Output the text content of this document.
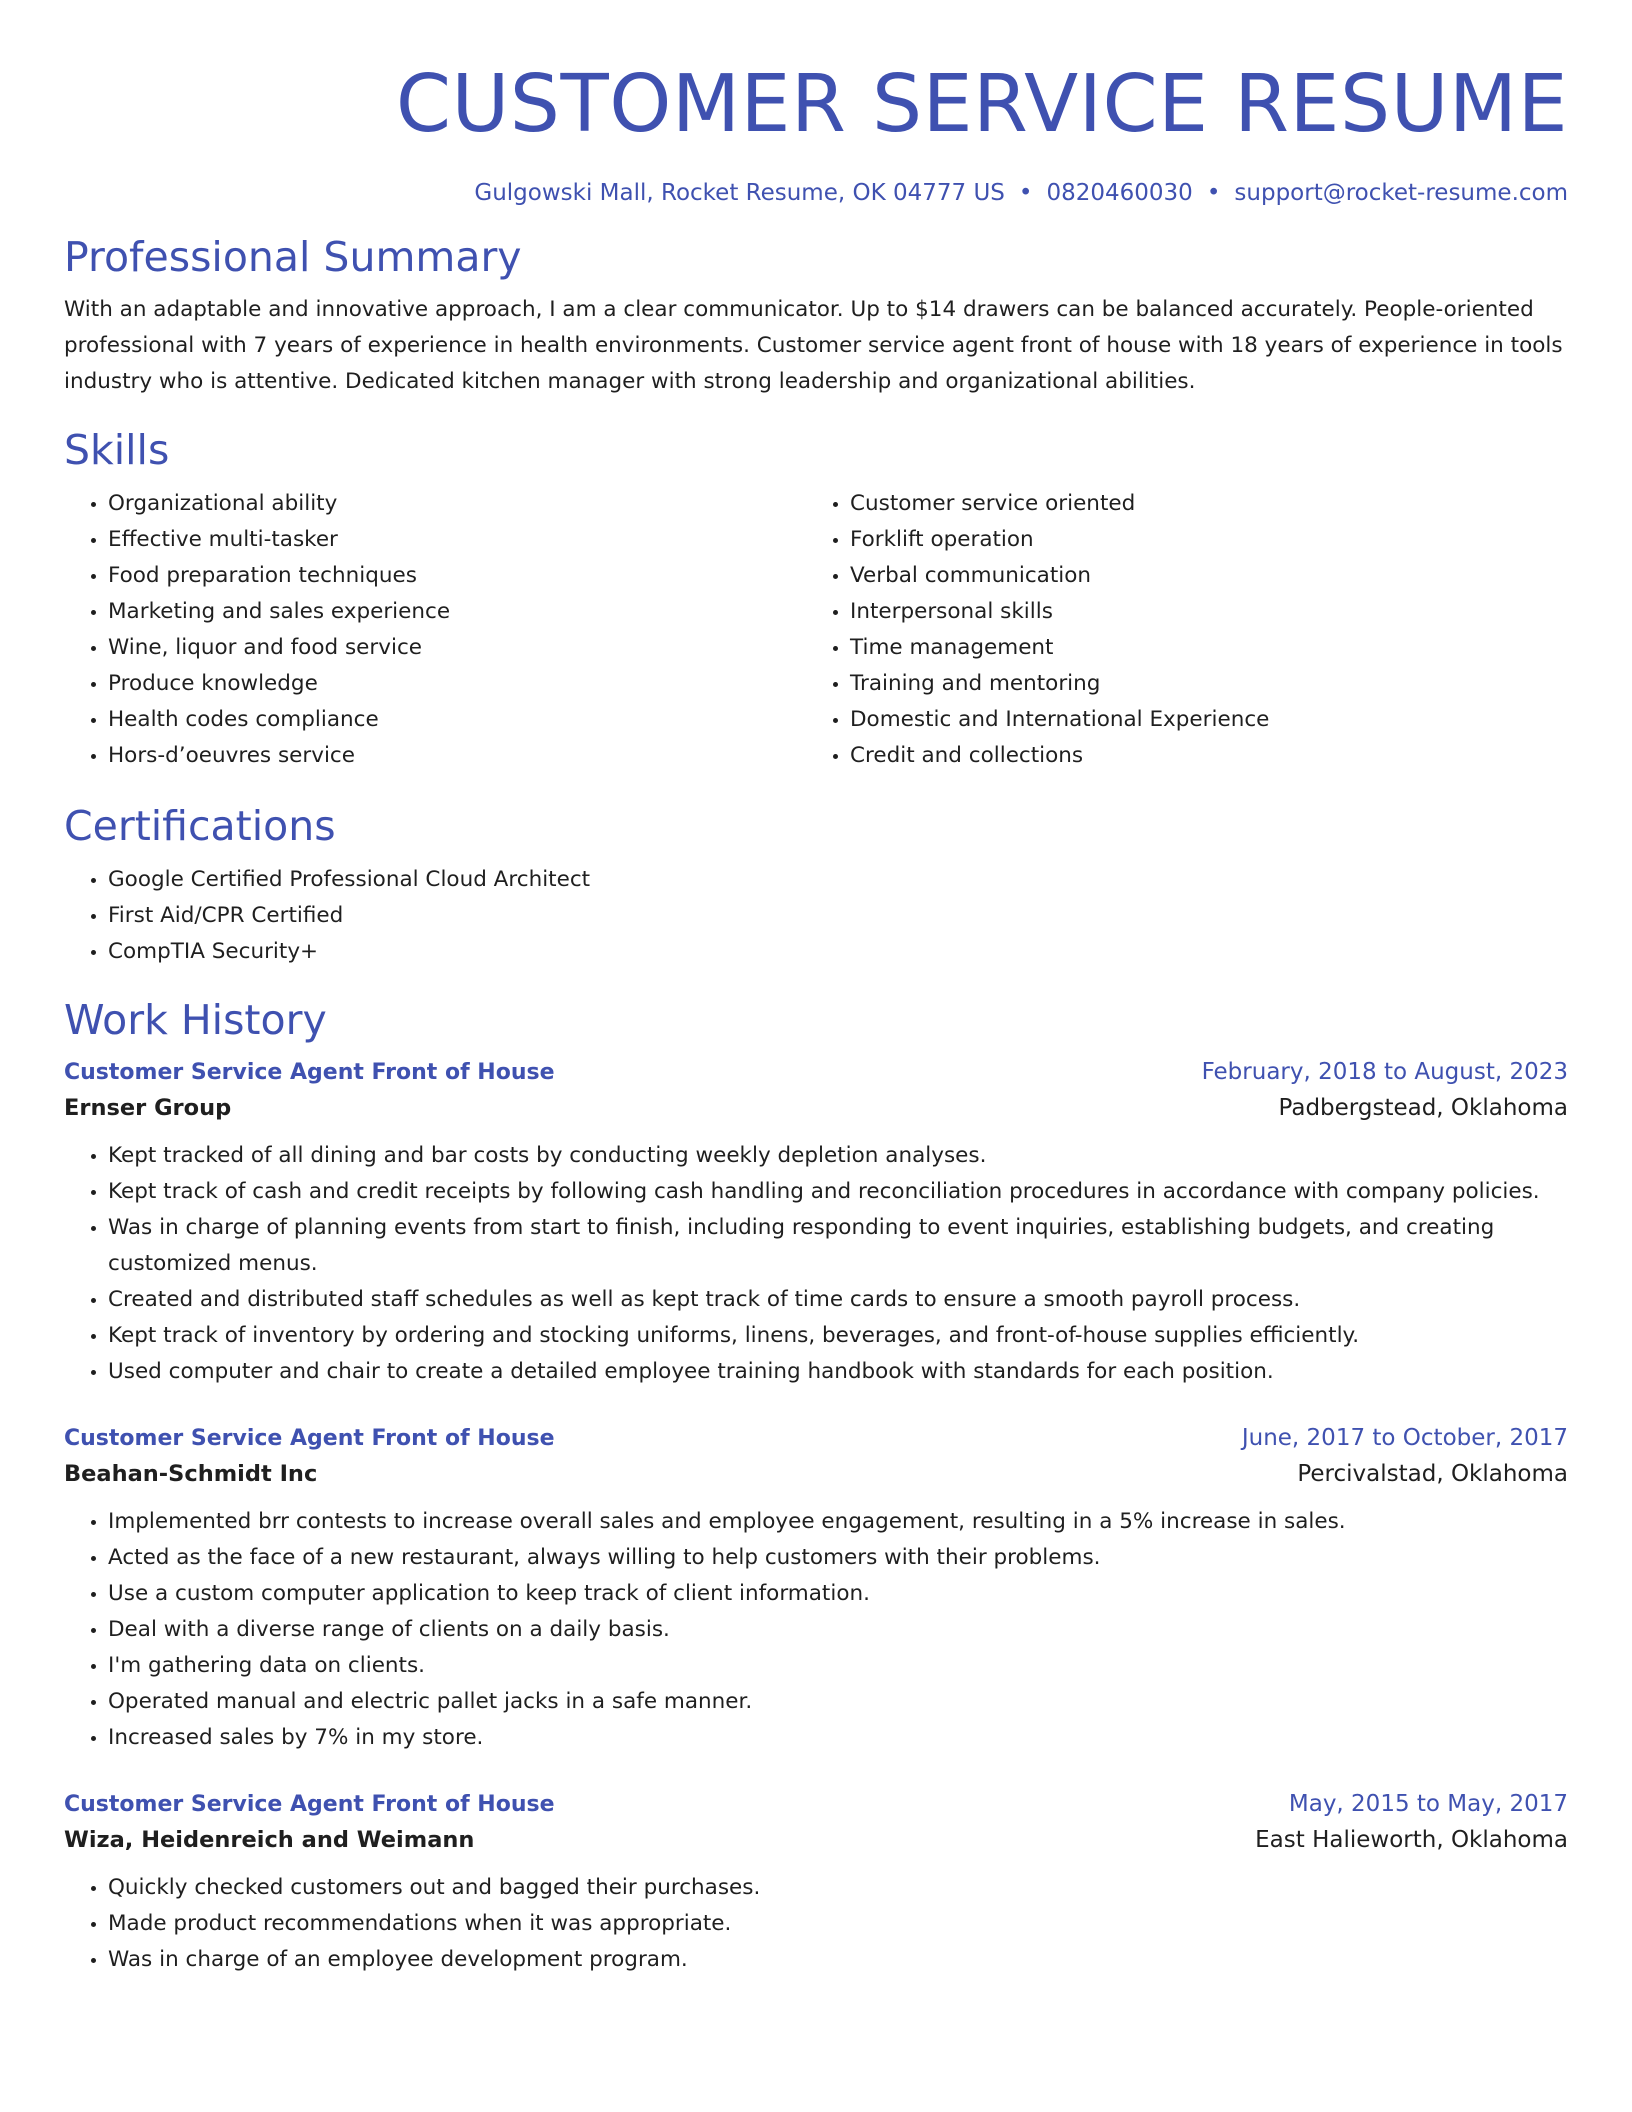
CUSTOMER SERVICE RESUME
Gulgowski Mall, Rocket Resume, OK 04777 US • 0820460030 • support@rocket-resume.com
Professional Summary

With an adaptable and innovative approach, I am a clear communicator. Up to $14 drawers can be balanced accurately. People-oriented professional with 7 years of experience in health environments. Customer service agent front of house with 18 years of experience in tools industry who is attentive. Dedicated kitchen manager with strong leadership and organizational abilities.

Skills
• Organizational ability
• Effective multi-tasker
• Food preparation techniques
• Marketing and sales experience
• Wine, liquor and food service
• Produce knowledge
• Health codes compliance
• Hors-d’oeuvres service
• Customer service oriented
• Forklift operation
• Verbal communication
• Interpersonal skills
• Time management
• Training and mentoring
• Domestic and International Experience
• Credit and collections
Certifications
• Google Certified Professional Cloud Architect
• First Aid/CPR Certified
• CompTIA Security+
Work History
Customer Service Agent Front of House	February, 2018 to August, 2023
Ernser Group	Padbergstead, Oklahoma
• Kept tracked of all dining and bar costs by conducting weekly depletion analyses.
• Kept track of cash and credit receipts by following cash handling and reconciliation procedures in accordance with company policies.
• Was in charge of planning events from start to finish, including responding to event inquiries, establishing budgets, and creating customized menus.
• Created and distributed staff schedules as well as kept track of time cards to ensure a smooth payroll process.
• Kept track of inventory by ordering and stocking uniforms, linens, beverages, and front-of-house supplies efficiently.
• Used computer and chair to create a detailed employee training handbook with standards for each position.
Customer Service Agent Front of House	June, 2017 to October, 2017
Beahan-Schmidt Inc	Percivalstad, Oklahoma
• Implemented brr contests to increase overall sales and employee engagement, resulting in a 5% increase in sales.
• Acted as the face of a new restaurant, always willing to help customers with their problems.
• Use a custom computer application to keep track of client information.
• Deal with a diverse range of clients on a daily basis.
• I'm gathering data on clients.
• Operated manual and electric pallet jacks in a safe manner.
• Increased sales by 7% in my store.
Customer Service Agent Front of House	May, 2015 to May, 2017
Wiza, Heidenreich and Weimann	East Halieworth, Oklahoma
• Quickly checked customers out and bagged their purchases.
• Made product recommendations when it was appropriate.
• Was in charge of an employee development program.
